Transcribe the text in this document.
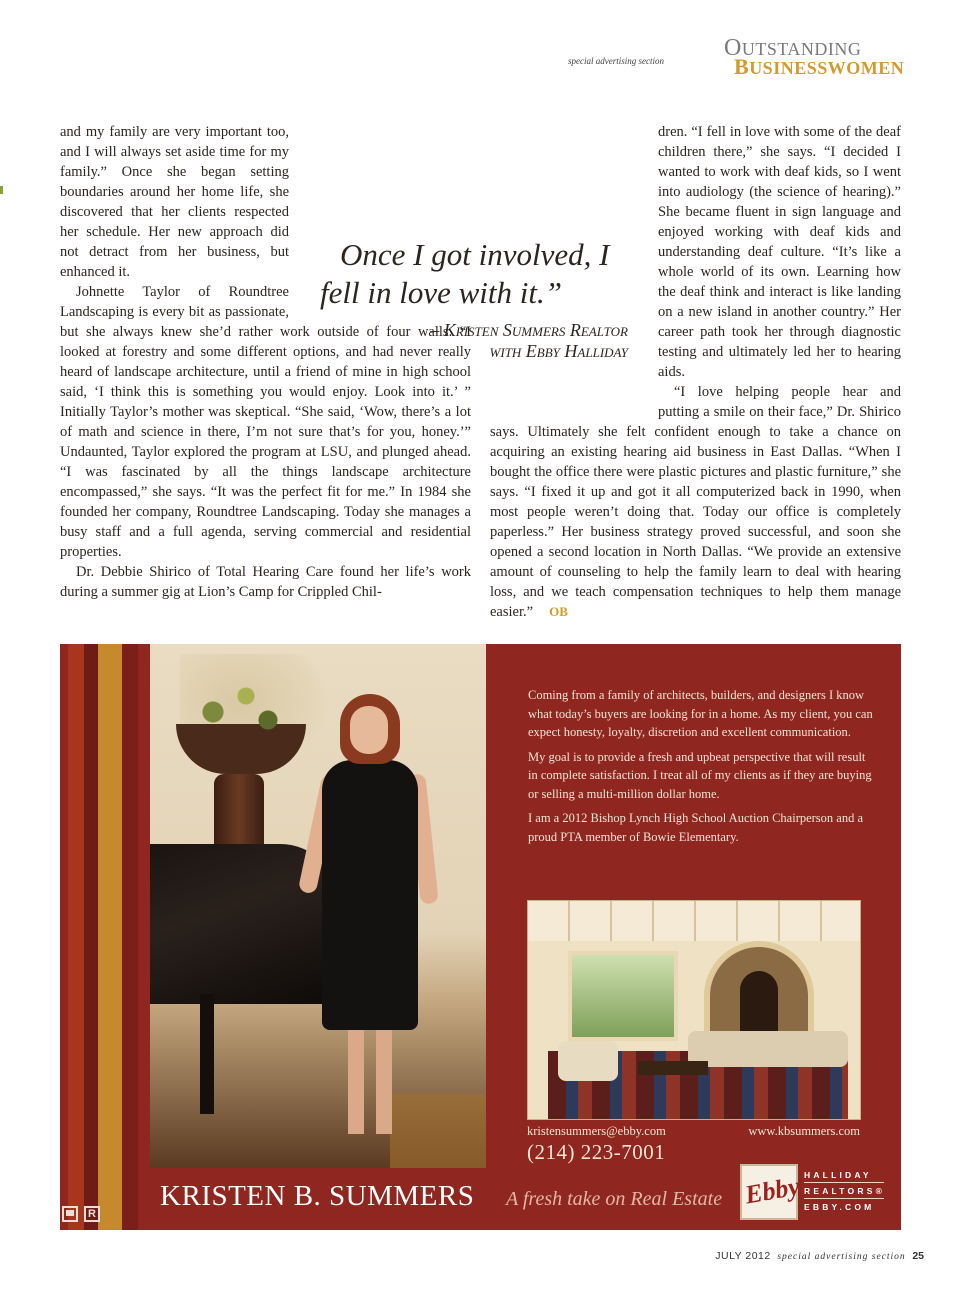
special advertising section	OUTSTANDING
BUSINESSWOMEN

and my family are very important too, and I will always set aside time for my family.” Once she began setting boundaries around her home life, she discovered that her clients respected her schedule. Her new approach did not detract from her business, but enhanced it.

Johnette Taylor of Roundtree Landscaping is every bit as passionate, but she always knew she’d rather work outside of four walls. “I looked at forestry and some different options, and had never really heard of landscape architecture, until a friend of mine in high school said, ‘I think this is something you would enjoy. Look into it.’ ” Initially Taylor’s mother was skeptical. “She said, ‘Wow, there’s a lot of math and science in there, I’m not sure that’s for you, honey.’” Undaunted, Taylor explored the program at LSU, and plunged ahead. “I was fascinated by all the things landscape architecture encompassed,” she says. “It was the perfect fit for me.” In 1984 she founded her company, Roundtree Landscaping. Today she manages a busy staff and a full agenda, serving commercial and residential properties.

Dr. Debbie Shirico of Total Hearing Care found her life’s work during a summer gig at Lion’s Camp for Crippled Chil-

dren. “I fell in love with some of the deaf children there,” she says. “I decided I wanted to work with deaf kids, so I went into audiology (the science of hearing).” She became fluent in sign language and enjoyed working with deaf kids and understanding deaf culture. “It’s like a whole world of its own. Learning how the deaf think and interact is like landing on a new island in another country.” Her career path took her through diagnostic testing and ultimately led her to hearing aids.

“I love helping people hear and putting a smile on their face,” Dr. Shirico says. Ultimately she felt confident enough to take a chance on acquiring an existing hearing aid business in East Dallas. “When I bought the office there were plastic pictures and plastic furniture,” she says. “I fixed it up and got it all computerized back in 1990, when most people weren’t doing that. Today our office is completely paperless.” Her business strategy proved successful, and soon she opened a second location in North Dallas. “We provide an extensive amount of counseling to help the family learn to deal with hearing loss, and we teach compensation techniques to help them manage easier.” OB

Once I got involved, I fell in love with it.”
– Kristen Summers Realtor
with Ebby Halliday

Coming from a family of architects, builders, and designers I know what today’s buyers are looking for in a home. As my client, you can expect honesty, loyalty, discretion and excellent communication.

My goal is to provide a fresh and upbeat perspective that will result in complete satisfaction. I treat all of my clients as if they are buying or selling a multi-million dollar home.

I am a 2012 Bishop Lynch High School Auction Chairperson and a proud PTA member of Bowie Elementary.

kristensummers@ebby.com	www.kbsummers.com
(214) 223-7001
KRISTEN B. SUMMERS A fresh take on Real Estate Ebby HALLIDAY
REALTORS®
EBBY.COM
R
JULY 2012 special advertising section 25
